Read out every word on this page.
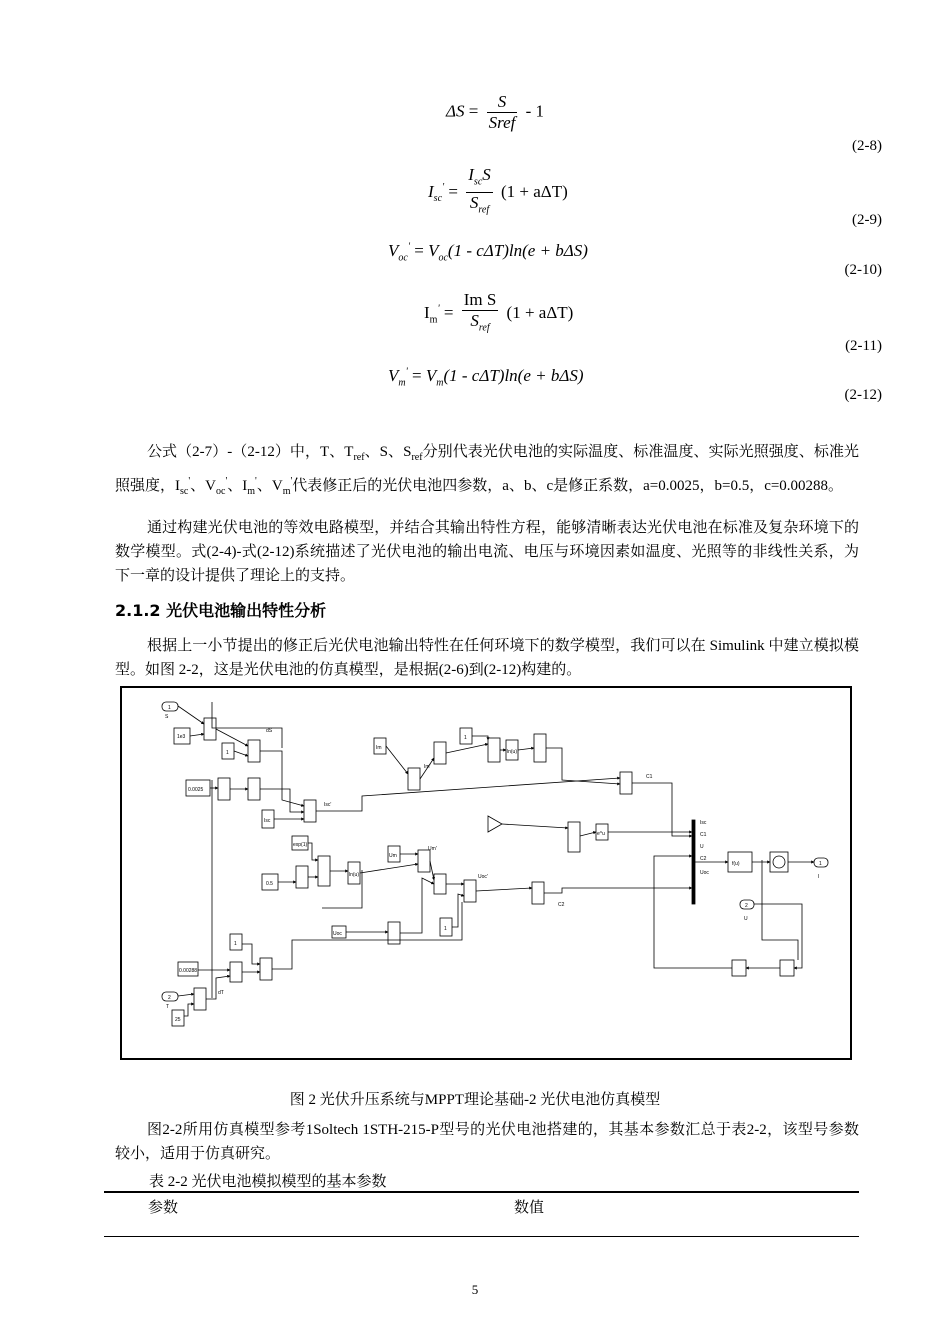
$\Delta S = \frac{S}{\text{Sref}} - 1$
(2-8)
$I_{sc}' = \frac{I_{sc}S}{S_{ref}} (1 + a\Delta T)$
(2-9)
$V_{oc}' = V_{oc}(1 - c\Delta T)\ln(e + b\Delta S)$
(2-10)
$I_m' = \frac{\text{Im S}}{S_{ref}} (1 + a\Delta T)$
(2-11)
$V_m' = V_m(1 - c\Delta T)\ln(e + b\Delta S)$
(2-12)

公式（2-7）-（2-12）中，T、$T_{ref}$、S、$S_{ref}$分别代表光伏电池的实际温度、标准温度、实际光照强度、标准光照强度，$I_{sc}'$、$V_{oc}'$、$I_m'$、$V_m'$代表修正后的光伏电池四参数，a、b、c是修正系数，a=0.0025，b=0.5，c=0.00288。

通过构建光伏电池的等效电路模型，并结合其输出特性方程，能够清晰表达光伏电池在标准及复杂环境下的数学模型。式(2-4)-式(2-12)系统描述了光伏电池的输出电流、电压与环境因素如温度、光照等的非线性关系，为下一章的设计提供了理论上的支持。

2.1.2 光伏电池输出特性分析

根据上一小节提出的修正后光伏电池输出特性在任何环境下的数学模型，我们可以在 Simulink 中建立模拟模型。如图 2-2，这是光伏电池的仿真模型，是根据(2-6)到(2-12)构建的。

1
S
2
T
1e3
1
0.0025
Isc
0.5
exp(1)
1
0.00288
25
Im
1
Um
Uoc
1
dS
Isc'
Im'
Um'
Uoc'
dT
C1
C2
Isc
C1
U
C2
Uoc
f(u)	1
I
2
U
ln(u)
ln(u)
e^u
图 2 光伏升压系统与MPPT理论基础-2 光伏电池仿真模型

图2-2所用仿真模型参考1Soltech 1STH-215-P型号的光伏电池搭建的，其基本参数汇总于表2-2，该型号参数较小，适用于仿真研究。

表 2-2 光伏电池模拟模型的基本参数
参数	数值
5
